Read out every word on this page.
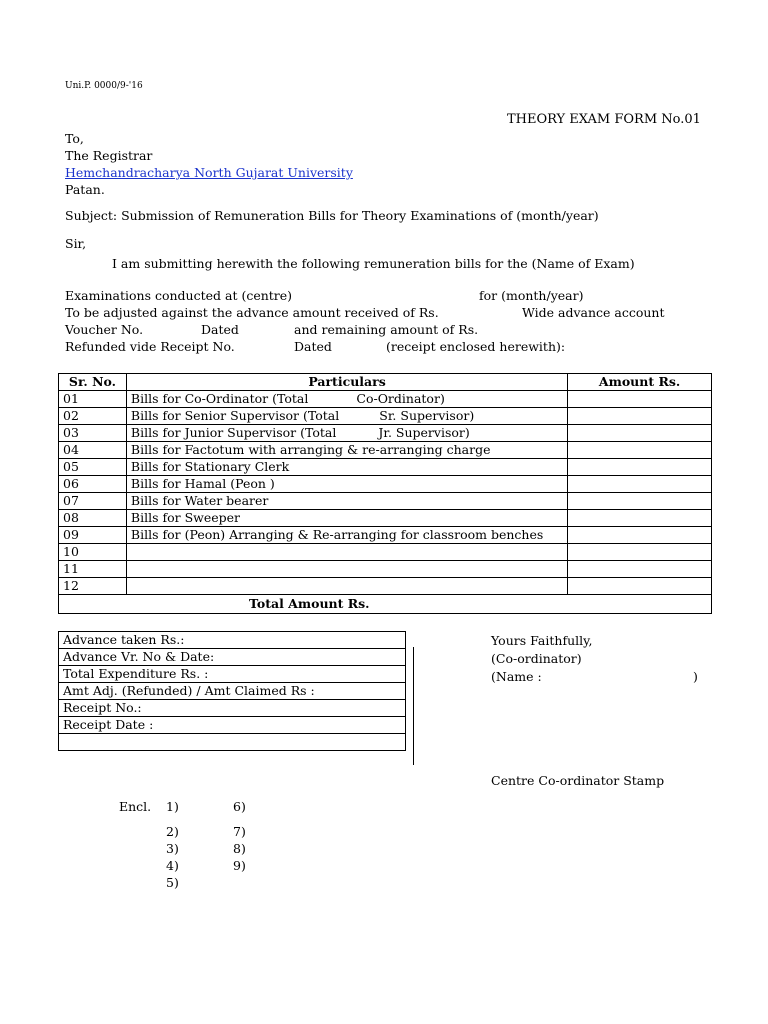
Uni.P. 0000/9-'16
THEORY EXAM FORM No.01
To,
The Registrar
Hemchandracharya North Gujarat University
Patan.
Subject: Submission of Remuneration Bills for Theory Examinations of (month/year)
Sir,
I am submitting herewith the following remuneration bills for the (Name of Exam)
Examinations conducted at (centre)	for (month/year)
To be adjusted against the advance amount received of Rs.	Wide advance account
Voucher No.	Dated	and remaining amount of Rs.
Refunded vide Receipt No.	Dated	(receipt enclosed herewith):
Sr. No.	Particulars	Amount Rs.
01	Bills for Co-Ordinator (Total Co-Ordinator)	
02	Bills for Senior Supervisor (Total Sr. Supervisor)	
03	Bills for Junior Supervisor (Total Jr. Supervisor)	
04	Bills for Factotum with arranging & re-arranging charge	
05	Bills for Stationary Clerk	
06	Bills for Hamal (Peon )	
07	Bills for Water bearer	
08	Bills for Sweeper	
09	Bills for (Peon) Arranging & Re-arranging for classroom benches	
10		
11		
12		
Total Amount Rs.		
Advance taken Rs.:
Advance Vr. No & Date:
Total Expenditure Rs. :
Amt Adj. (Refunded) / Amt Claimed Rs :
Receipt No.:
Receipt Date :

Yours Faithfully,
(Co-ordinator)
(Name :	)
Centre Co-ordinator Stamp
Encl. 1)
2)
3)
4)
5)
6)
7)
8)
9)
